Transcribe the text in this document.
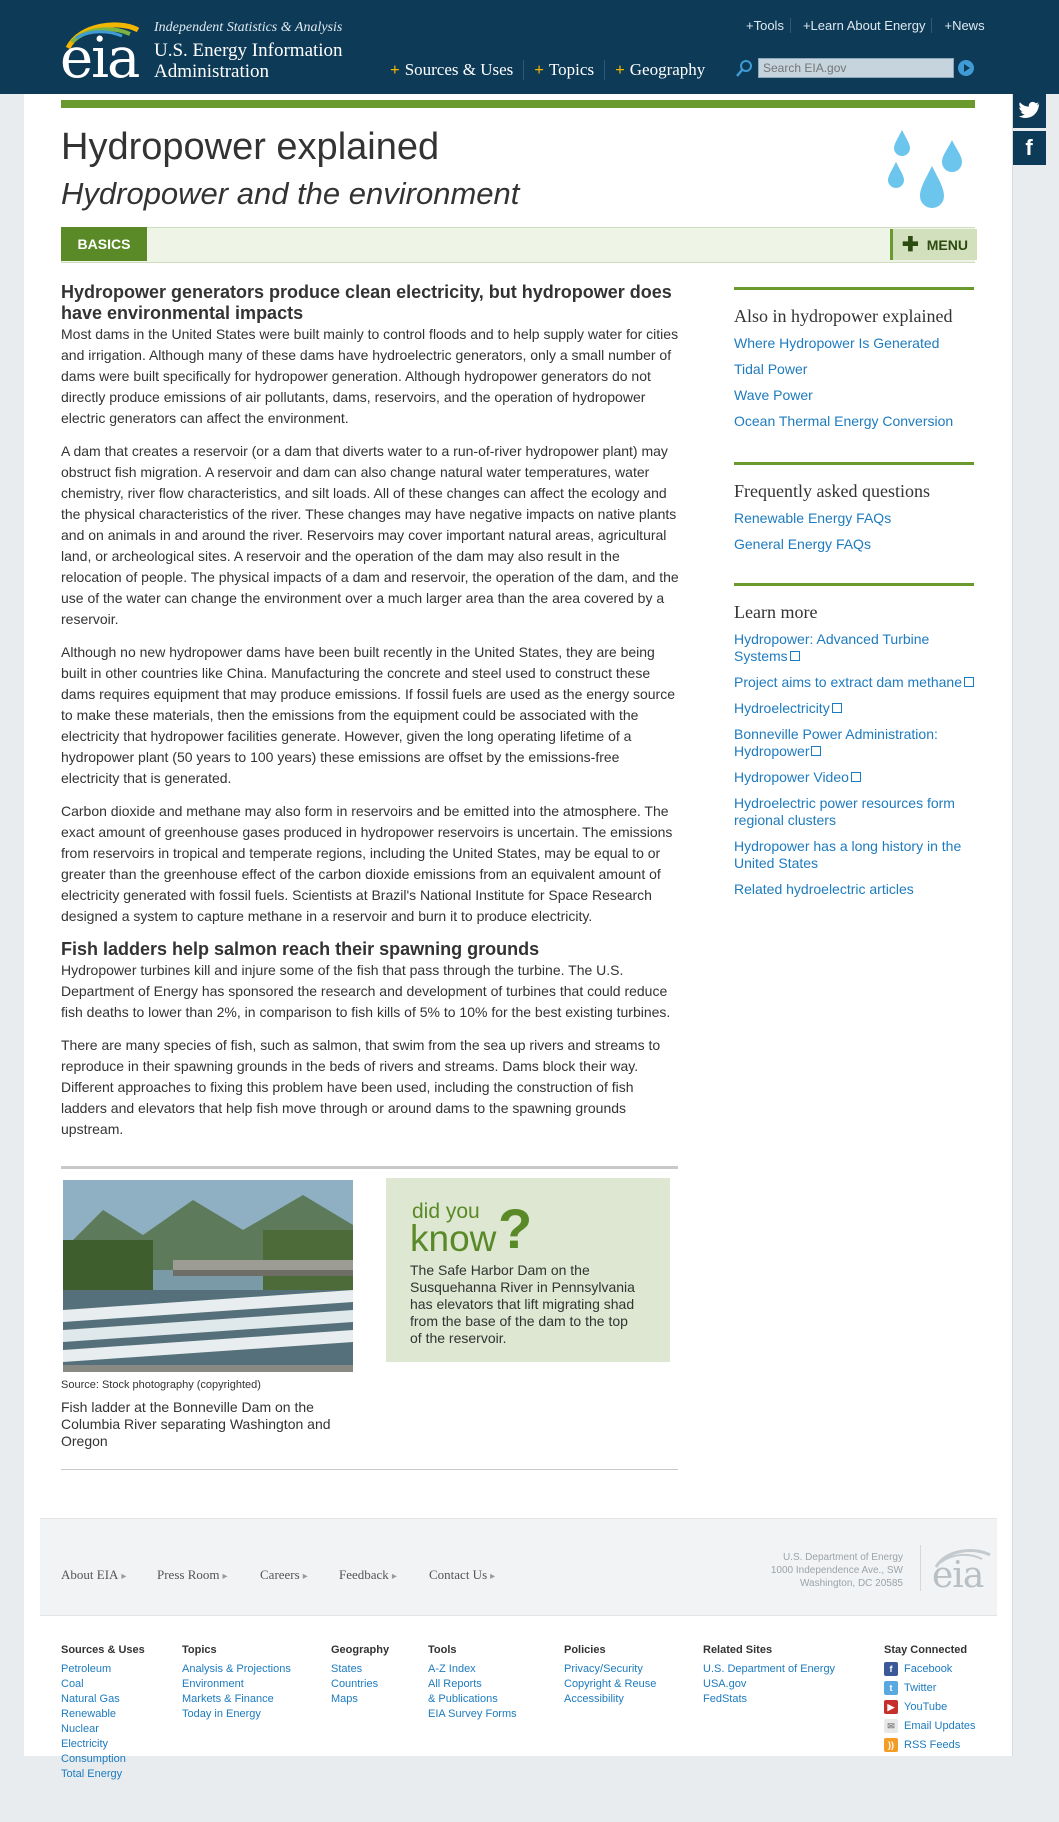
eia Independent Statistics & Analysis
U.S. Energy Information Administration	+ Sources & Uses + Topics + Geography
+Tools	+Learn About Energy	+News
Search EIA.gov
f
Hydropower explained
Hydropower and the environment
BASICS	✚ MENU
Hydropower generators produce clean electricity, but hydropower does have environmental impacts

Most dams in the United States were built mainly to control floods and to help supply water for cities and irrigation. Although many of these dams have hydroelectric generators, only a small number of dams were built specifically for hydropower generation. Although hydropower generators do not directly produce emissions of air pollutants, dams, reservoirs, and the operation of hydropower electric generators can affect the environment.

A dam that creates a reservoir (or a dam that diverts water to a run-of-river hydropower plant) may obstruct fish migration. A reservoir and dam can also change natural water temperatures, water chemistry, river flow characteristics, and silt loads. All of these changes can affect the ecology and the physical characteristics of the river. These changes may have negative impacts on native plants and on animals in and around the river. Reservoirs may cover important natural areas, agricultural land, or archeological sites. A reservoir and the operation of the dam may also result in the relocation of people. The physical impacts of a dam and reservoir, the operation of the dam, and the use of the water can change the environment over a much larger area than the area covered by a reservoir.

Although no new hydropower dams have been built recently in the United States, they are being built in other countries like China. Manufacturing the concrete and steel used to construct these dams requires equipment that may produce emissions. If fossil fuels are used as the energy source to make these materials, then the emissions from the equipment could be associated with the electricity that hydropower facilities generate. However, given the long operating lifetime of a hydropower plant (50 years to 100 years) these emissions are offset by the emissions-free electricity that is generated.

Carbon dioxide and methane may also form in reservoirs and be emitted into the atmosphere. The exact amount of greenhouse gases produced in hydropower reservoirs is uncertain. The emissions from reservoirs in tropical and temperate regions, including the United States, may be equal to or greater than the greenhouse effect of the carbon dioxide emissions from an equivalent amount of electricity generated with fossil fuels. Scientists at Brazil's National Institute for Space Research designed a system to capture methane in a reservoir and burn it to produce electricity.

Fish ladders help salmon reach their spawning grounds

Hydropower turbines kill and injure some of the fish that pass through the turbine. The U.S. Department of Energy has sponsored the research and development of turbines that could reduce fish deaths to lower than 2%, in comparison to fish kills of 5% to 10% for the best existing turbines.

There are many species of fish, such as salmon, that swim from the sea up rivers and streams to reproduce in their spawning grounds in the beds of rivers and streams. Dams block their way. Different approaches to fixing this problem have been used, including the construction of fish ladders and elevators that help fish move through or around dams to the spawning grounds upstream.

Source: Stock photography (copyrighted)
Fish ladder at the Bonneville Dam on the Columbia River separating Washington and Oregon
did you
know ?
The Safe Harbor Dam on the Susquehanna River in Pennsylvania has elevators that lift migrating shad from the base of the dam to the top of the reservoir.
Also in hydropower explained
Where Hydropower Is Generated
Tidal Power
Wave Power
Ocean Thermal Energy Conversion
Frequently asked questions
Renewable Energy FAQs
General Energy FAQs
Learn more
Hydropower: Advanced Turbine Systems
Project aims to extract dam methane
Hydroelectricity
Bonneville Power Administration: Hydropower
Hydropower Video
Hydroelectric power resources form regional clusters
Hydropower has a long history in the United States
Related hydroelectric articles
About EIA ▸ Press Room ▸ Careers ▸ Feedback ▸ Contact Us ▸
U.S. Department of Energy
1000 Independence Ave., SW
Washington, DC 20585 eia
Sources & Uses
Petroleum
Coal
Natural Gas
Renewable
Nuclear
Electricity
Consumption
Total Energy
Topics
Analysis & Projections
Environment
Markets & Finance
Today in Energy
Geography
States
Countries
Maps
Tools
A-Z Index
All Reports
& Publications
EIA Survey Forms
Policies
Privacy/Security
Copyright & Reuse
Accessibility
Related Sites
U.S. Department of Energy
USA.gov
FedStats
Stay Connected
f	Facebook
t	Twitter
▶ YouTube
✉ Email Updates
)) RSS Feeds
